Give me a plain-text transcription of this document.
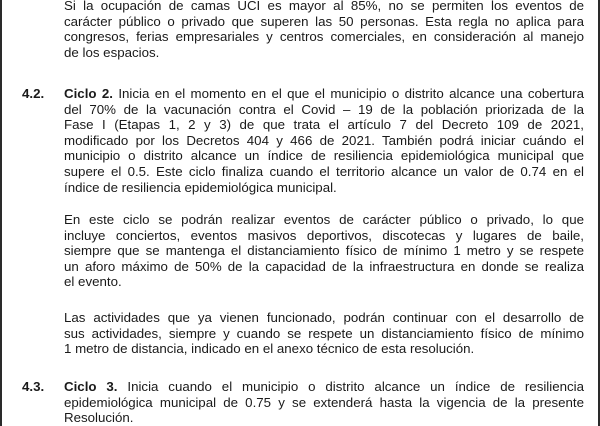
Si la ocupación de camas UCI es mayor al 85%, no se permiten los eventos de
carácter público o privado que superen las 50 personas. Esta regla no aplica para
congresos, ferias empresariales y centros comerciales, en consideración al manejo
de los espacios.
4.2. Ciclo 2. Inicia en el momento en el que el municipio o distrito alcance una cobertura
del 70% de la vacunación contra el Covid – 19 de la población priorizada de la
Fase I (Etapas 1, 2 y 3) de que trata el artículo 7 del Decreto 109 de 2021,
modificado por los Decretos 404 y 466 de 2021. También podrá iniciar cuándo el
municipio o distrito alcance un índice de resiliencia epidemiológica municipal que
supere el 0.5. Este ciclo finaliza cuando el territorio alcance un valor de 0.74 en el
índice de resiliencia epidemiológica municipal.
En este ciclo se podrán realizar eventos de carácter público o privado, lo que
incluye conciertos, eventos masivos deportivos, discotecas y lugares de baile,
siempre que se mantenga el distanciamiento físico de mínimo 1 metro y se respete
un aforo máximo de 50% de la capacidad de la infraestructura en donde se realiza
el evento.
Las actividades que ya vienen funcionado, podrán continuar con el desarrollo de
sus actividades, siempre y cuando se respete un distanciamiento físico de mínimo
1 metro de distancia, indicado en el anexo técnico de esta resolución.
4.3. Ciclo 3. Inicia cuando el municipio o distrito alcance un índice de resiliencia
epidemiológica municipal de 0.75 y se extenderá hasta la vigencia de la presente
Resolución.
